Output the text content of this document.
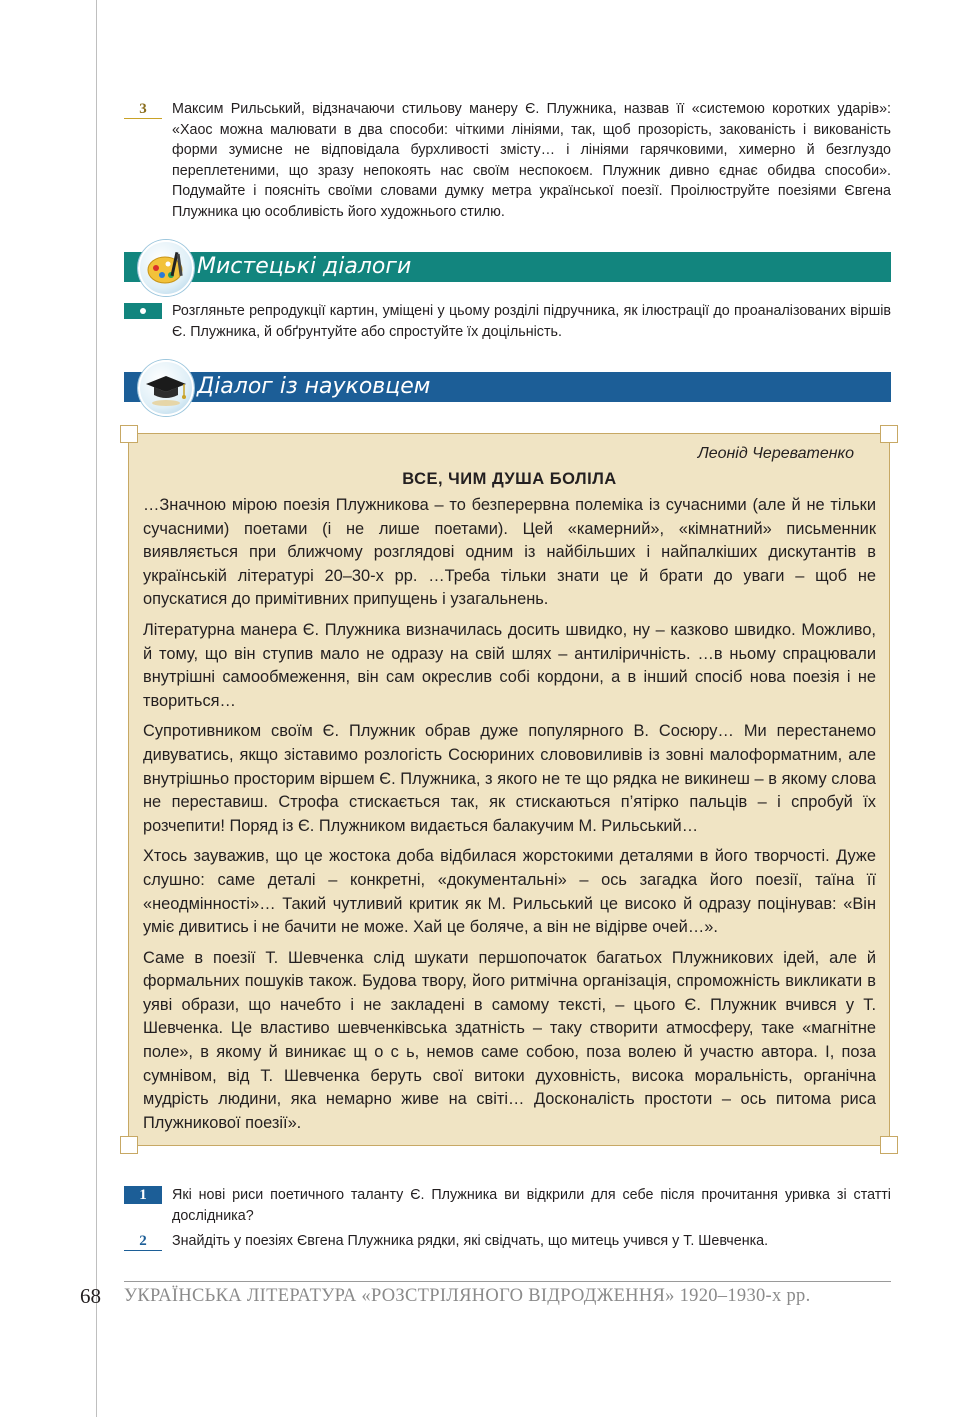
3	Максим Рильський, відзначаючи стильову манеру Є. Плужника, назвав її «системою коротких ударів»: «Хаос можна малювати в два способи: чіткими лініями, так, щоб прозорість, закованість і викованість форми зумисне не відповідала бурхливості змісту… і лініями гарячковими, химерно й безглуздо переплетеними, що зразу непокоять нас своїм неспокоєм. Плужник дивно єднає обидва способи». Подумайте і поясніть своїми словами думку метра української поезії. Проілюструйте поезіями Євгена Плужника цю особливість його художнього стилю.
Мистецькі діалоги
Розгляньте репродукції картин, уміщені у цьому розділі підручника, як ілюстрації до проаналізованих віршів Є. Плужника, й обґрунтуйте або спростуйте їх доцільність.
Діалог із науковцем
Леонід Череватенко
ВСЕ, ЧИМ ДУША БОЛІЛА

…Значною мірою поезія Плужникова – то безперервна полеміка із сучасними (але й не тільки сучасними) поетами (і не лише поетами). Цей «камерний», «кімнатний» письменник виявляється при ближчому розглядові одним із найбільших і найпалкіших дискутантів в українській літературі 20–30-х рр. …Треба тільки знати це й брати до уваги – щоб не опускатися до примітивних припущень і узагальнень.

Літературна манера Є. Плужника визначилась досить швидко, ну – казково швидко. Можливо, й тому, що він ступив мало не одразу на свій шлях – антиліричність. …в ньому спрацювали внутрішні самообмеження, він сам окреслив собі кордони, а в інший спосіб нова поезія і не твориться…

Супротивником своїм Є. Плужник обрав дуже популярного В. Сосюру… Ми перестанемо дивуватись, якщо зіставимо розлогість Сосюриних слововиливів із зовні малоформатним, але внутрішньо просторим віршем Є. Плужника, з якого не те що рядка не викинеш – в якому слова не переставиш. Строфа стискається так, як стискаються п’ятірко пальців – і спробуй їх розчепити! Поряд із Є. Плужником видається балакучим М. Рильський…

Хтось зауважив, що це жостока доба відбилася жорстокими деталями в його творчості. Дуже слушно: саме деталі – конкретні, «документальні» – ось загадка його поезії, таїна її «неодмінності»… Такий чутливий критик як М. Рильський це високо й одразу поцінував: «Він уміє дивитись і не бачити не може. Хай це боляче, а він не відірве очей…».

Саме в поезії Т. Шевченка слід шукати першопочаток багатьох Плужникових ідей, але й формальних пошуків також. Будова твору, його ритмічна організація, спроможність викликати в уяві образи, що начебто і не закладені в самому тексті, – цього Є. Плужник вчився у Т. Шевченка. Це властиво шевченківська здатність – таку створити атмосферу, таке «магнітне поле», в якому й виникає щ о с ь, немов саме собою, поза волею й участю автора. І, поза сумнівом, від Т. Шевченка беруть свої витоки духовність, висока моральність, органічна мудрість людини, яка немарно живе на світі… Досконалість простоти – ось питома риса Плужникової поезії».

1	Які нові риси поетичного таланту Є. Плужника ви відкрили для себе після прочитання уривка зі статті дослідника?
2	Знайдіть у поезіях Євгена Плужника рядки, які свідчать, що митець учився у Т. Шевченка.
68 УКРАЇНСЬКА ЛІТЕРАТУРА «РОЗСТРІЛЯНОГО ВІДРОДЖЕННЯ» 1920–1930-х рр.
